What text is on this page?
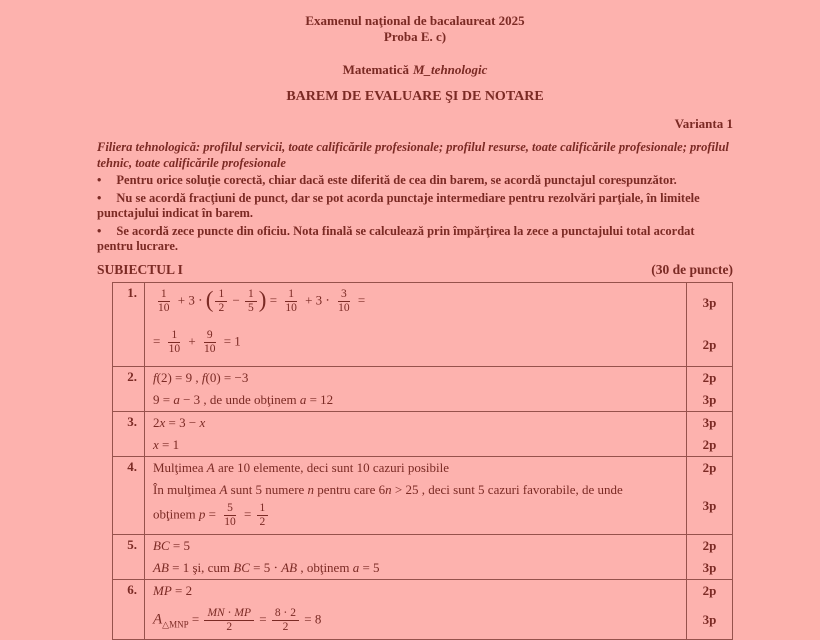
Examenul naţional de bacalaureat 2025
Proba E. c)
Matematică M_tehnologic
BAREM DE EVALUARE ŞI DE NOTARE
Varianta 1

Filiera tehnologică: profilul servicii, toate calificările profesionale; profilul resurse, toate calificările profesionale; profilul tehnic, toate calificările profesionale

• Pentru orice soluţie corectă, chiar dacă este diferită de cea din barem, se acordă punctajul corespunzător.

• Nu se acordă fracţiuni de punct, dar se pot acorda punctaje intermediare pentru rezolvări parţiale, în limitele punctajului indicat în barem.

• Se acordă zece puncte din oficiu. Nota finală se calculează prin împărţirea la zece a punctajului total acordat pentru lucrare.

SUBIECTUL I	(30 de puncte)
1.	$\frac{1}{10} + 3$ ⋅ ( $\frac{1}{2} - \frac{1}{5}$ ) = $\frac{1}{10} + 3 \cdot \frac{3}{10}$ =	3p
= $\frac{1}{10} + \frac{9}{10} = 1$	2p
2.	f(2) = 9 , f(0) = −3	2p
9 = a − 3 , de unde obţinem a = 12	3p
3.	2x = 3 − x	3p
x = 1	2p
4.	Mulţimea A are 10 elemente, deci sunt 10 cazuri posibile	2p
În mulţimea A sunt 5 numere n pentru care 6n > 25 , deci sunt 5 cazuri favorabile, de unde
obţinem $p = \frac{5}{10} = \frac{1}{2}$	3p
5.	BC = 5	2p
AB = 1 şi, cum BC = 5 ⋅ AB , obţinem a = 5	3p
6.	MP = 2	2p
$A_{\triangle MNP} = \frac{MN \cdot MP}{2} = \frac{8 \cdot 2}{2} = 8$	3p
